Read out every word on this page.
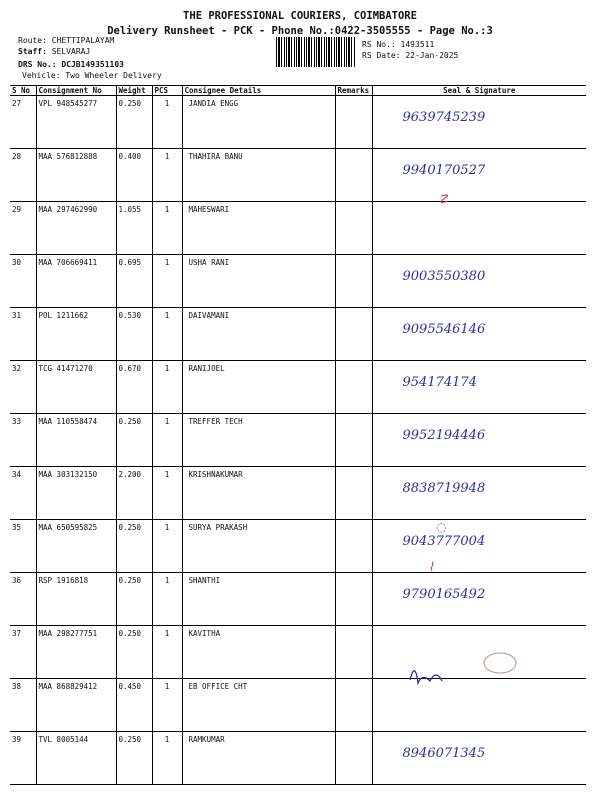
THE PROFESSIONAL COURIERS, COIMBATORE
Delivery Runsheet - PCK - Phone No.:0422-3505555 - Page No.:3
Route: CHETTIPALAYAM
Staff: SELVARAJ
DRS No.: DCJB149351103
Vehicle: Two Wheeler Delivery
RS No.: 1493511
RS Date: 22-Jan-2025
S No	Consignment No	Weight	PCS	Consignee Details	Remarks	Seal & Signature
27	VPL 948545277	0.250	1	JANDIA ENGG		9639745239
28	MAA 576812888	0.400	1	THAHIRA BANU		9940170527
29	MAA 297462990	1.055	1	MAHESWARI		
30	MAA 706669411	0.695	1	USHA RANI		9003550380
31	POL 1211662	0.530	1	DAIVAMANI		9095546146
32	TCG 41471270	0.670	1	RANIJOEL		954174174
33	MAA 110558474	0.250	1	TREFFER TECH		9952194446
34	MAA 303132150	2.200	1	KRISHNAKUMAR		8838719948
35	MAA 650595825	0.250	1	SURYA PRAKASH		9043777004
36	RSP 1916818	0.250	1	SHANTHI		9790165492
37	MAA 298277751	0.250	1	KAVITHA		
38	MAA 868829412	0.450	1	EB OFFICE CHT		
39	TVL 8005144	0.250	1	RAMKUMAR		8946071345
☡
◌
⌇
